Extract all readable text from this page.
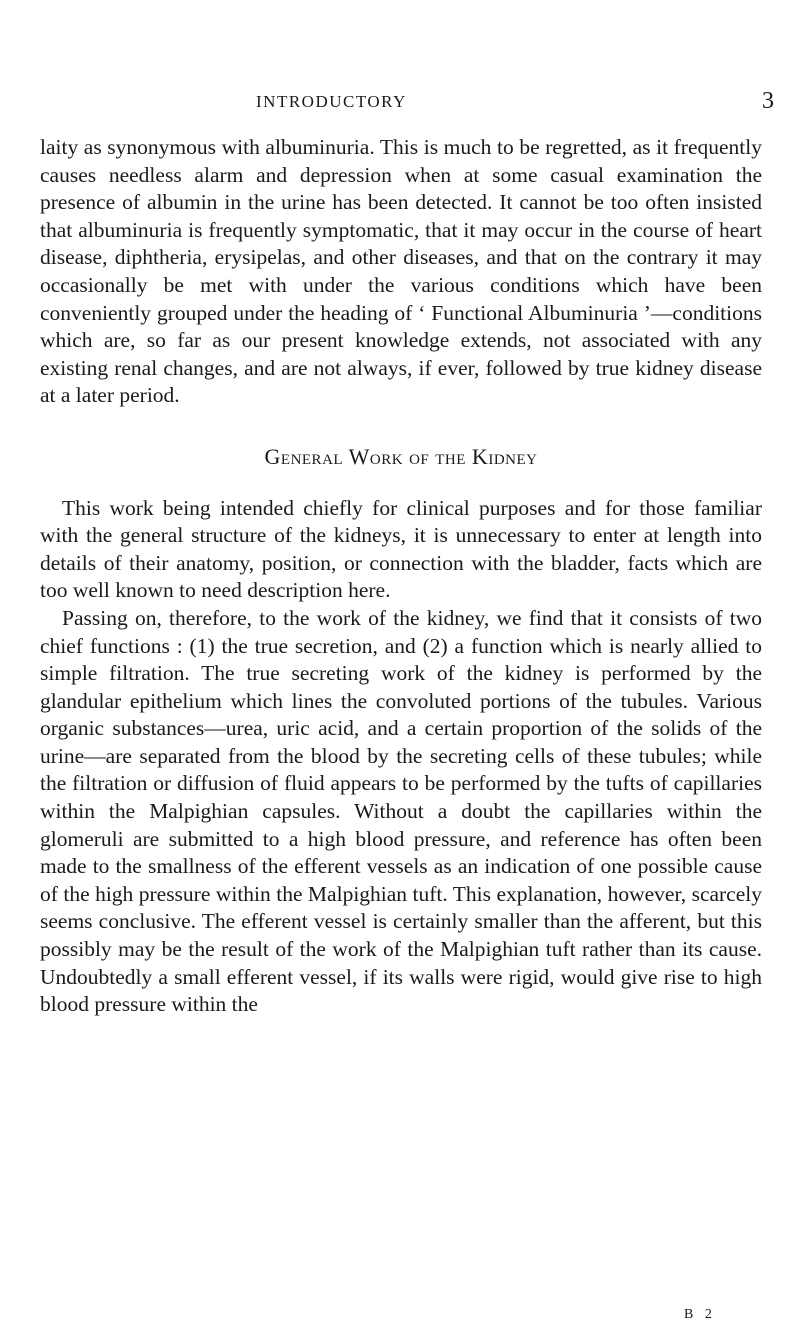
INTRODUCTORY	3

laity as synonymous with albuminuria. This is much to be regretted, as it frequently causes needless alarm and depression when at some casual examination the presence of albumin in the urine has been detected. It cannot be too often insisted that albuminuria is frequently symptomatic, that it may occur in the course of heart disease, diphtheria, erysipelas, and other diseases, and that on the contrary it may occasionally be met with under the various conditions which have been conveniently grouped under the heading of ‘ Functional Albuminuria ’—conditions which are, so far as our present knowledge extends, not associated with any existing renal changes, and are not always, if ever, followed by true kidney disease at a later period.

General Work of the Kidney

This work being intended chiefly for clinical purposes and for those familiar with the general structure of the kidneys, it is unnecessary to enter at length into details of their anatomy, position, or connection with the bladder, facts which are too well known to need description here.

Passing on, therefore, to the work of the kidney, we find that it consists of two chief functions : (1) the true secretion, and (2) a function which is nearly allied to simple filtration. The true secreting work of the kidney is performed by the glandular epithelium which lines the convoluted portions of the tubules. Various organic substances—urea, uric acid, and a certain proportion of the solids of the urine—are separated from the blood by the secreting cells of these tubules; while the filtration or diffusion of fluid appears to be performed by the tufts of capillaries within the Malpighian capsules. Without a doubt the capillaries within the glomeruli are submitted to a high blood pressure, and reference has often been made to the smallness of the efferent vessels as an indication of one possible cause of the high pressure within the Malpighian tuft. This explanation, however, scarcely seems conclusive. The efferent vessel is certainly smaller than the afferent, but this possibly may be the result of the work of the Malpighian tuft rather than its cause. Undoubtedly a small efferent vessel, if its walls were rigid, would give rise to high blood pressure within the

B 2
